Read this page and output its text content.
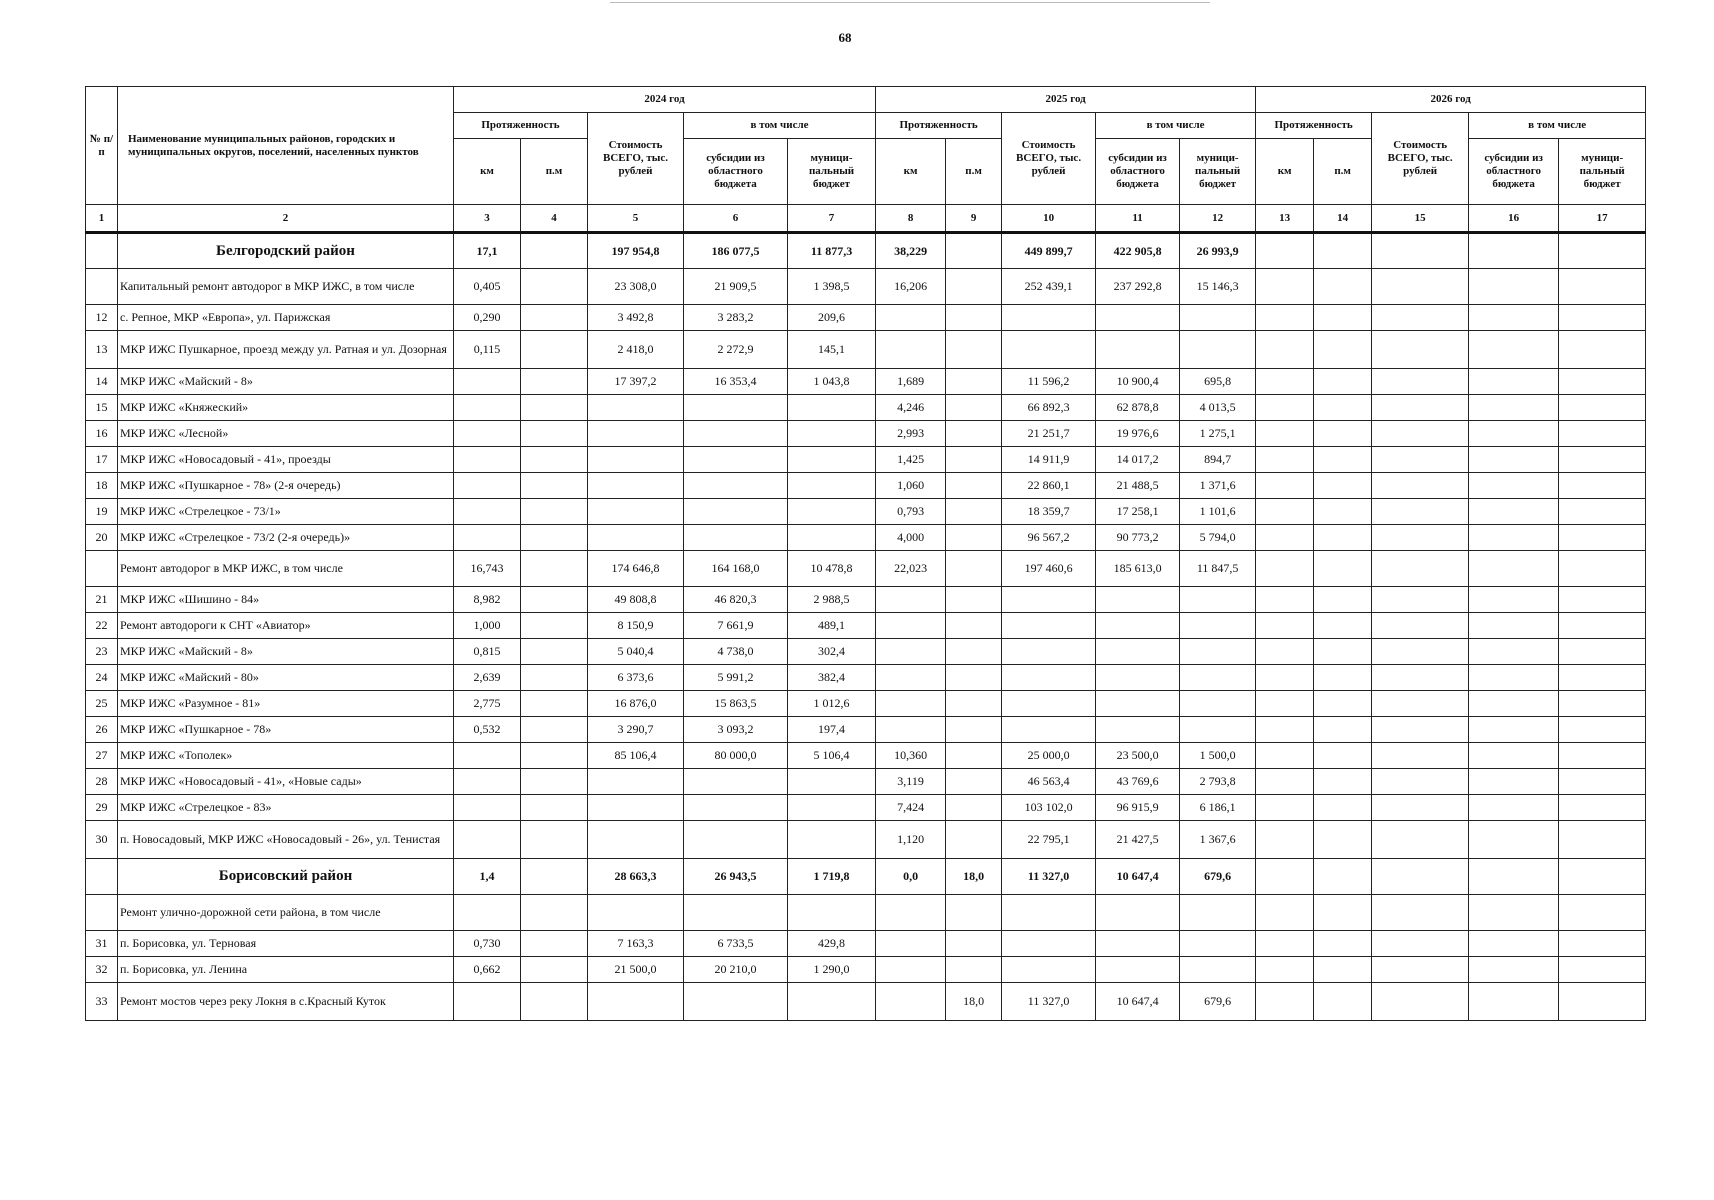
68
№ п/п	Наименование муниципальных районов, городских и муниципальных округов, поселений, населенных пунктов	2024 год					2025 год					2026 год				
		Протяженность		Стоимость ВСЕГО, тыс. рублей	в том числе		Протяженность		Стоимость ВСЕГО, тыс. рублей	в том числе		Протяженность		Стоимость ВСЕГО, тыс. рублей	в том числе	
		км	п.м		субсидии из областного бюджета	муници-пальный бюджет	км	п.м		субсидии из областного бюджета	муници-пальный бюджет	км	п.м		субсидии из областного бюджета	муници-пальный бюджет
1	2	3	4	5	6	7	8	9	10	11	12	13	14	15	16	17
	Белгородский район	17,1		197 954,8	186 077,5	11 877,3	38,229		449 899,7	422 905,8	26 993,9					
	Капитальный ремонт автодорог в МКР ИЖС, в том числе	0,405		23 308,0	21 909,5	1 398,5	16,206		252 439,1	237 292,8	15 146,3					
12	с. Репное, МКР «Европа», ул. Парижская	0,290		3 492,8	3 283,2	209,6										
13	МКР ИЖС Пушкарное, проезд между ул. Ратная и ул. Дозорная	0,115		2 418,0	2 272,9	145,1										
14	МКР ИЖС «Майский - 8»			17 397,2	16 353,4	1 043,8	1,689		11 596,2	10 900,4	695,8					
15	МКР ИЖС «Княжеский»						4,246		66 892,3	62 878,8	4 013,5					
16	МКР ИЖС «Лесной»						2,993		21 251,7	19 976,6	1 275,1					
17	МКР ИЖС «Новосадовый - 41», проезды						1,425		14 911,9	14 017,2	894,7					
18	МКР ИЖС «Пушкарное - 78» (2-я очередь)						1,060		22 860,1	21 488,5	1 371,6					
19	МКР ИЖС «Стрелецкое - 73/1»						0,793		18 359,7	17 258,1	1 101,6					
20	МКР ИЖС «Стрелецкое - 73/2 (2-я очередь)»						4,000		96 567,2	90 773,2	5 794,0					
	Ремонт автодорог в МКР ИЖС, в том числе	16,743		174 646,8	164 168,0	10 478,8	22,023		197 460,6	185 613,0	11 847,5					
21	МКР ИЖС «Шишино - 84»	8,982		49 808,8	46 820,3	2 988,5										
22	Ремонт автодороги к СНТ «Авиатор»	1,000		8 150,9	7 661,9	489,1										
23	МКР ИЖС «Майский - 8»	0,815		5 040,4	4 738,0	302,4										
24	МКР ИЖС «Майский - 80»	2,639		6 373,6	5 991,2	382,4										
25	МКР ИЖС «Разумное - 81»	2,775		16 876,0	15 863,5	1 012,6										
26	МКР ИЖС «Пушкарное - 78»	0,532		3 290,7	3 093,2	197,4										
27	МКР ИЖС «Тополек»			85 106,4	80 000,0	5 106,4	10,360		25 000,0	23 500,0	1 500,0					
28	МКР ИЖС «Новосадовый - 41», «Новые сады»						3,119		46 563,4	43 769,6	2 793,8					
29	МКР ИЖС «Стрелецкое - 83»						7,424		103 102,0	96 915,9	6 186,1					
30	п. Новосадовый, МКР ИЖС «Новосадовый - 26», ул. Тенистая						1,120		22 795,1	21 427,5	1 367,6					
	Борисовский район	1,4		28 663,3	26 943,5	1 719,8	0,0	18,0	11 327,0	10 647,4	679,6					
	Ремонт улично-дорожной сети района, в том числе															
31	п. Борисовка, ул. Терновая	0,730		7 163,3	6 733,5	429,8										
32	п. Борисовка, ул. Ленина	0,662		21 500,0	20 210,0	1 290,0										
33	Ремонт мостов через реку Локня в с.Красный Куток							18,0	11 327,0	10 647,4	679,6					
